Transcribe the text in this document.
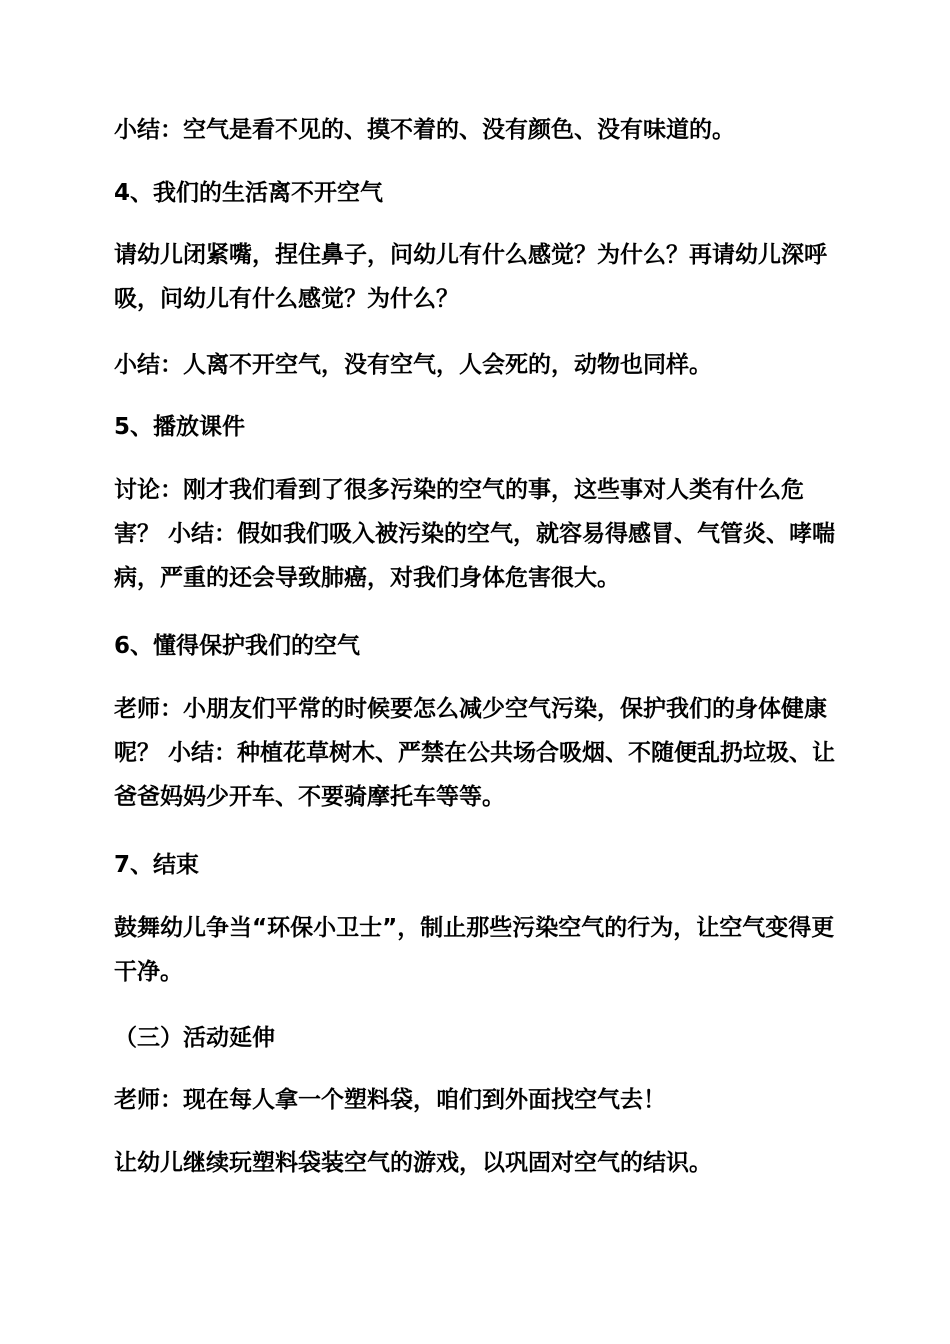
小结：空气是看不见的、摸不着的、没有颜色、没有味道的。

4、我们的生活离不开空气

请幼儿闭紧嘴，捏住鼻子，问幼儿有什么感觉？为什么？再请幼儿深呼吸，问幼儿有什么感觉？为什么？

小结：人离不开空气，没有空气，人会死的，动物也同样。

5、播放课件

讨论：刚才我们看到了很多污染的空气的事，这些事对人类有什么危害？ 小结：假如我们吸入被污染的空气，就容易得感冒、气管炎、哮喘病，严重的还会导致肺癌，对我们身体危害很大。

6、懂得保护我们的空气

老师：小朋友们平常的时候要怎么减少空气污染，保护我们的身体健康呢？ 小结：种植花草树木、严禁在公共场合吸烟、不随便乱扔垃圾、让爸爸妈妈少开车、不要骑摩托车等等。

7、结束

鼓舞幼儿争当“环保小卫士”，制止那些污染空气的行为，让空气变得更干净。

（三）活动延伸

老师：现在每人拿一个塑料袋，咱们到外面找空气去！

让幼儿继续玩塑料袋装空气的游戏，以巩固对空气的结识。
